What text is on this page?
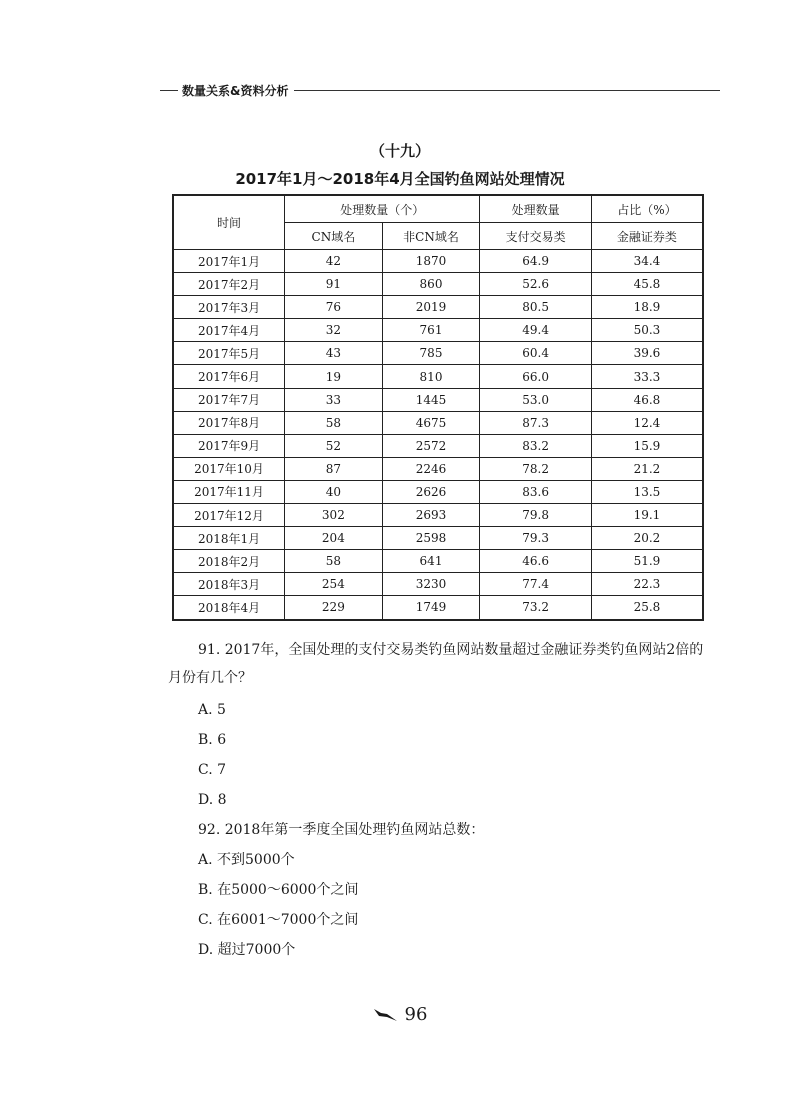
数量关系&资料分析
（十九）
2017年1月～2018年4月全国钓鱼网站处理情况
时间	处理数量（个）		处理数量	占比（%）
	CN域名	非CN域名	支付交易类	金融证券类
2017年1月	42	1870	64.9	34.4
2017年2月	91	860	52.6	45.8
2017年3月	76	2019	80.5	18.9
2017年4月	32	761	49.4	50.3
2017年5月	43	785	60.4	39.6
2017年6月	19	810	66.0	33.3
2017年7月	33	1445	53.0	46.8
2017年8月	58	4675	87.3	12.4
2017年9月	52	2572	83.2	15.9
2017年10月	87	2246	78.2	21.2
2017年11月	40	2626	83.6	13.5
2017年12月	302	2693	79.8	19.1
2018年1月	204	2598	79.3	20.2
2018年2月	58	641	46.6	51.9
2018年3月	254	3230	77.4	22.3
2018年4月	229	1749	73.2	25.8

91. 2017年，全国处理的支付交易类钓鱼网站数量超过金融证券类钓鱼网站2倍的月份有几个？

A. 5

B. 6

C. 7

D. 8

92. 2018年第一季度全国处理钓鱼网站总数：

A. 不到5000个

B. 在5000～6000个之间

C. 在6001～7000个之间

D. 超过7000个

96
